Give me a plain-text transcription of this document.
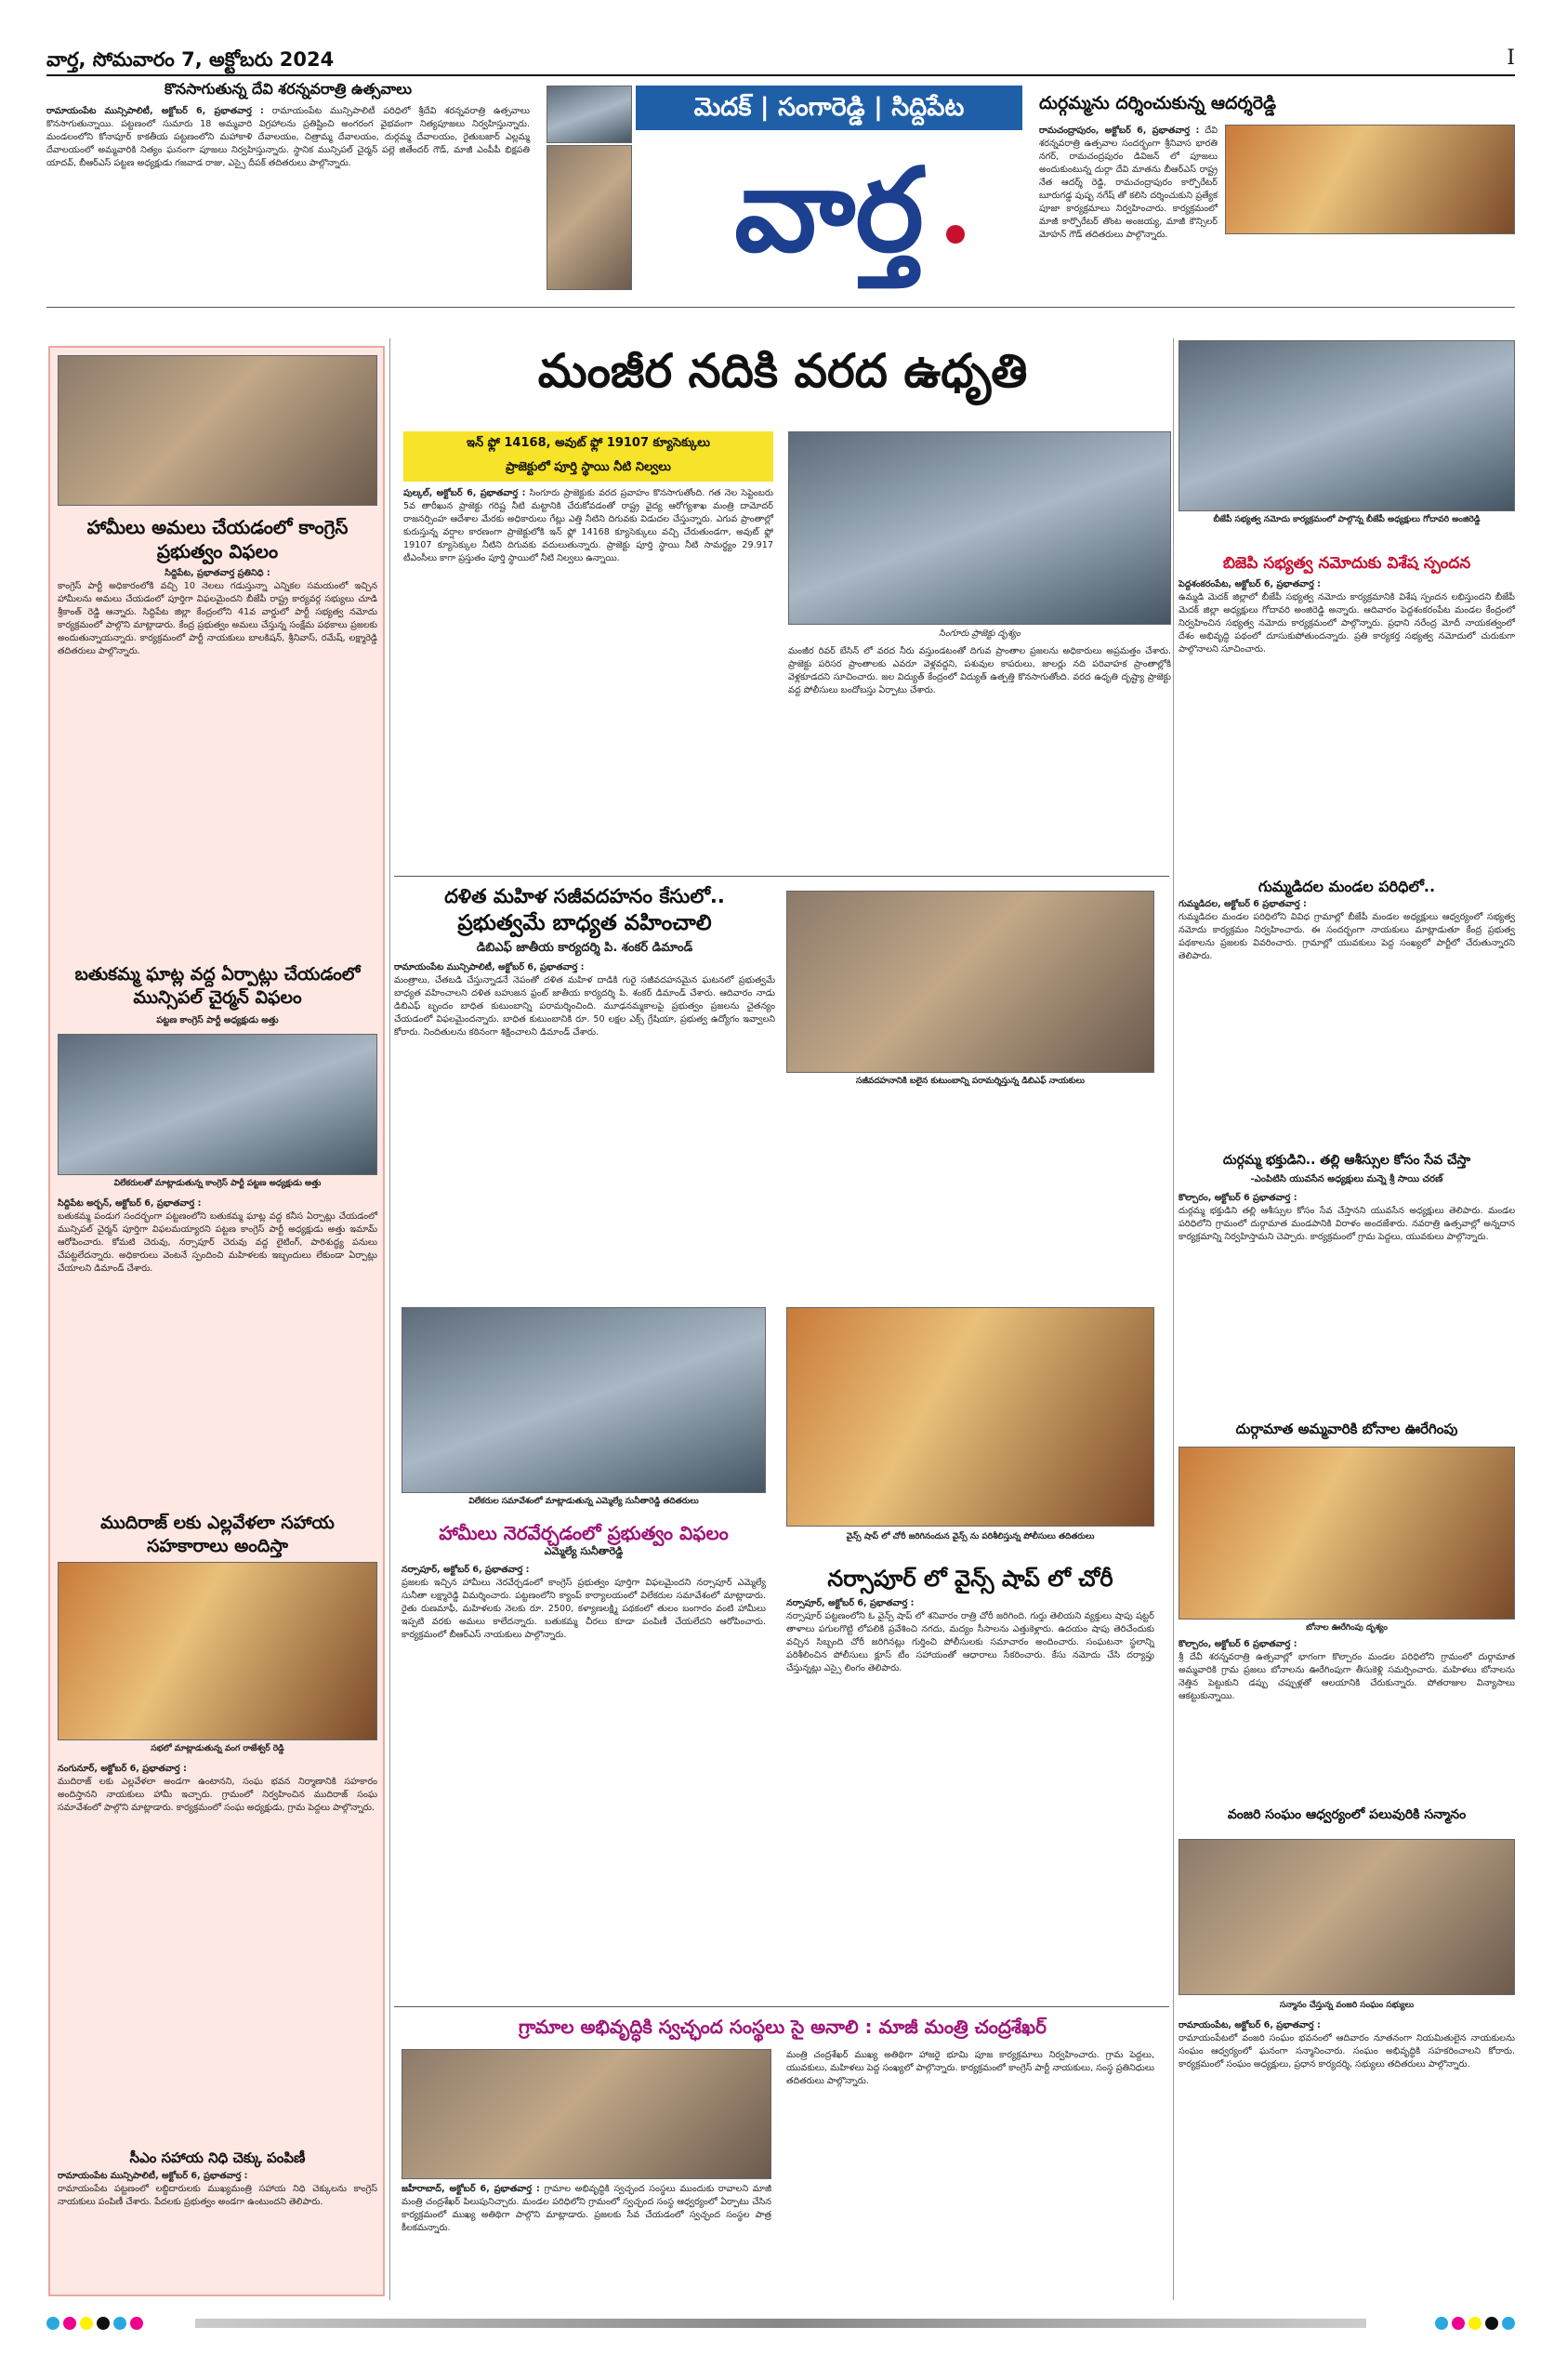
వార్త, సోమవారం 7, అక్టోబరు 2024	I
కొనసాగుతున్న దేవి శరన్నవరాత్రి ఉత్సవాలు
రామాయంపేట మున్సిపాలిటీ, అక్టోబర్ 6, ప్రభాతవార్త : రామాయంపేట మున్సిపాలిటీ పరిధిలో శ్రీదేవి శరన్నవరాత్రి ఉత్సవాలు కొనసాగుతున్నాయి. పట్టణంలో సుమారు 18 అమ్మవారి విగ్రహాలను ప్రతిష్టించి అంగరంగ వైభవంగా నిత్యపూజలు నిర్వహిస్తున్నారు. మండలంలోని కోనాపూర్ కాకతీయ పట్టణంలోని మహాకాళి దేవాలయం, చిత్రామ్మ దేవాలయం, దుర్గమ్మ దేవాలయం, రైతుబజార్ ఎల్లమ్మ దేవాలయంలో అమ్మవారికి నిత్యం ఘనంగా పూజలు నిర్వహిస్తున్నారు. స్థానిక మున్సిపల్ చైర్మన్ పల్లె జితేందర్ గౌడ్, మాజీ ఎంపీపీ భిక్షపతి యాదవ్, బీఆర్ఎస్ పట్టణ అధ్యక్షుడు గజవాడ రాజు, ఎస్సై దీపక్ తదితరులు పాల్గొన్నారు.
మెదక్ | సంగారెడ్డి | సిద్దిపేట
వార్త
దుర్గమ్మను దర్శించుకున్న ఆదర్శరెడ్డి
రామచంద్రాపురం, అక్టోబర్ 6, ప్రభాతవార్త : దేవి శరన్నవరాత్రి ఉత్సవాల సందర్భంగా శ్రీనివాస భారతి నగర్, రామచంద్రపురం డివిజన్ లో పూజలు అందుకుంటున్న దుర్గా దేవి మాతను బీఆర్ఎస్ రాష్ట్ర నేత ఆదర్శ్ రెడ్డి, రామచంద్రాపురం కార్పొరేటర్ బూరుగడ్డ పుష్ప నగేష్ తో కలిసి దర్శించుకుని ప్రత్యేక పూజా కార్యక్రమాలు నిర్వహించారు. కార్యక్రమంలో మాజీ కార్పొరేటర్ తొంట అంజయ్య, మాజీ కౌన్సిలర్ మోహన్ గౌడ్ తదితరులు పాల్గొన్నారు.
హామీలు అమలు చేయడంలో కాంగ్రెస్ ప్రభుత్వం విఫలం
సిద్దిపేట, ప్రభాతవార్త ప్రతినిధి :
కాంగ్రెస్ పార్టీ అధికారంలోకి వచ్చి 10 నెలలు గడుస్తున్నా ఎన్నికల సమయంలో ఇచ్చిన హామీలను అమలు చేయడంలో పూర్తిగా విఫలమైందని బీజేపీ రాష్ట్ర కార్యవర్గ సభ్యులు చూడి శ్రీకాంత్ రెడ్డి ఆన్నారు. సిద్దిపేట జిల్లా కేంద్రంలోని 41వ వార్డులో పార్టీ సభ్యత్వ నమోదు కార్యక్రమంలో పాల్గొని మాట్లాడారు. కేంద్ర ప్రభుత్వం అమలు చేస్తున్న సంక్షేమ పథకాలు ప్రజలకు అందుతున్నాయన్నారు. కార్యక్రమంలో పార్టీ నాయకులు బాలకిషన్, శ్రీనివాస్, రమేష్, లక్ష్మారెడ్డి తదితరులు పాల్గొన్నారు.
బతుకమ్మ ఘాట్ల వద్ద ఏర్పాట్లు చేయడంలో మున్సిపల్ చైర్మన్ విఫలం
పట్టణ కాంగ్రెస్ పార్టీ అధ్యక్షుడు అత్తు
విలేకరులతో మాట్లాడుతున్న కాంగ్రెస్ పార్టీ పట్టణ అధ్యక్షుడు అత్తు
సిద్దిపేట అర్బన్, అక్టోబర్ 6, ప్రభాతవార్త :
బతుకమ్మ పండుగ సందర్భంగా పట్టణంలోని బతుకమ్మ ఘాట్ల వద్ద కనీస ఏర్పాట్లు చేయడంలో మున్సిపల్ చైర్మన్ పూర్తిగా విఫలమయ్యారని పట్టణ కాంగ్రెస్ పార్టీ అధ్యక్షుడు అత్తు ఇమామ్ ఆరోపించారు. కోమటి చెరువు, నర్సాపూర్ చెరువు వద్ద లైటింగ్, పారిశుద్ధ్య పనులు చేపట్టలేదన్నారు. అధికారులు వెంటనే స్పందించి మహిళలకు ఇబ్బందులు లేకుండా ఏర్పాట్లు చేయాలని డిమాండ్ చేశారు.
ముదిరాజ్ లకు ఎల్లవేళలా సహాయ సహకారాలు అందిస్తా
సభలో మాట్లాడుతున్న వంగ రాజేశ్వర్ రెడ్డి
నంగునూర్, అక్టోబర్ 6, ప్రభాతవార్త :
ముదిరాజ్ లకు ఎల్లవేళలా అండగా ఉంటానని, సంఘ భవన నిర్మాణానికి సహకారం అందిస్తానని నాయకులు హామీ ఇచ్చారు. గ్రామంలో నిర్వహించిన ముదిరాజ్ సంఘ సమావేశంలో పాల్గొని మాట్లాడారు. కార్యక్రమంలో సంఘ అధ్యక్షుడు, గ్రామ పెద్దలు పాల్గొన్నారు.
సీఎం సహాయ నిధి చెక్కు పంపిణీ
రామాయంపేట మున్సిపాలిటీ, అక్టోబర్ 6, ప్రభాతవార్త :
రామాయంపేట పట్టణంలో లబ్ధిదారులకు ముఖ్యమంత్రి సహాయ నిధి చెక్కులను కాంగ్రెస్ నాయకులు పంపిణీ చేశారు. పేదలకు ప్రభుత్వం అండగా ఉంటుందని తెలిపారు.
మంజీర నదికి వరద ఉధృతి
ఇన్ ఫ్లో 14168, అవుట్ ఫ్లో 19107 క్యూసెక్కులు
ప్రాజెక్టులో పూర్తి స్థాయి నీటి నిల్వలు
పుల్కల్, అక్టోబర్ 6, ప్రభాతవార్త : సింగూరు ప్రాజెక్టుకు వరద ప్రవాహం కొనసాగుతోంది. గత నెల సెప్టెంబరు 5వ తారీఖున ప్రాజెక్టు గరిష్ట నీటి మట్టానికి చేరుకోవడంతో రాష్ట్ర వైద్య ఆరోగ్యశాఖ మంత్రి దామోదర్ రాజనర్సింహ ఆదేశాల మేరకు అధికారులు గేట్లు ఎత్తి నీటిని దిగువకు విడుదల చేస్తున్నారు. ఎగువ ప్రాంతాల్లో కురుస్తున్న వర్షాల కారణంగా ప్రాజెక్టులోకి ఇన్ ఫ్లో 14168 క్యూసెక్కులు వచ్చి చేరుతుండగా, అవుట్ ఫ్లో 19107 క్యూసెక్కుల నీటిని దిగువకు వదులుతున్నారు. ప్రాజెక్టు పూర్తి స్థాయి నీటి సామర్థ్యం 29.917 టీఎంసీలు కాగా ప్రస్తుతం పూర్తి స్థాయిలో నీటి నిల్వలు ఉన్నాయి.
సింగూరు ప్రాజెక్టు దృశ్యం
మంజీర రివర్ బేసిన్ లో వరద నీరు వస్తుండటంతో దిగువ ప్రాంతాల ప్రజలను అధికారులు అప్రమత్తం చేశారు. ప్రాజెక్టు పరిసర ప్రాంతాలకు ఎవరూ వెళ్లవద్దని, పశువుల కాపరులు, జాలర్లు నది పరివాహక ప్రాంతాల్లోకి వెళ్లకూడదని సూచించారు. జల విద్యుత్ కేంద్రంలో విద్యుత్ ఉత్పత్తి కొనసాగుతోంది. వరద ఉధృతి దృష్ట్యా ప్రాజెక్టు వద్ద పోలీసులు బందోబస్తు ఏర్పాటు చేశారు.
దళిత మహిళ సజీవదహనం కేసులో..
ప్రభుత్వమే బాధ్యత వహించాలి
డిబిఎఫ్ జాతీయ కార్యదర్శి పి. శంకర్ డిమాండ్
రామాయంపేట మున్సిపాలిటీ, అక్టోబర్ 6, ప్రభాతవార్త :
మంత్రాలు, చేతబడి చేస్తున్నాడనే నెపంతో దళిత మహిళ దాడికి గురై సజీవదహనమైన ఘటనలో ప్రభుత్వమే బాధ్యత వహించాలని దళిత బహుజన ఫ్రంట్ జాతీయ కార్యదర్శి పి. శంకర్ డిమాండ్ చేశారు. ఆదివారం నాడు డిబిఎఫ్ బృందం బాధిత కుటుంబాన్ని పరామర్శించింది. మూఢనమ్మకాలపై ప్రభుత్వం ప్రజలను చైతన్యం చేయడంలో విఫలమైందన్నారు. బాధిత కుటుంబానికి రూ. 50 లక్షల ఎక్స్ గ్రేషియా, ప్రభుత్వ ఉద్యోగం ఇవ్వాలని కోరారు. నిందితులను కఠినంగా శిక్షించాలని డిమాండ్ చేశారు.
సజీవదహనానికి బలైన కుటుంబాన్ని పరామర్శిస్తున్న డిబిఎఫ్ నాయకులు
విలేకరుల సమావేశంలో మాట్లాడుతున్న ఎమ్మెల్యే సునీతారెడ్డి తదితరులు
హామీలు నెరవేర్చడంలో ప్రభుత్వం విఫలం
ఎమ్మెల్యే సునీతారెడ్డి
నర్సాపూర్, అక్టోబర్ 6, ప్రభాతవార్త :
ప్రజలకు ఇచ్చిన హామీలు నెరవేర్చడంలో కాంగ్రెస్ ప్రభుత్వం పూర్తిగా విఫలమైందని నర్సాపూర్ ఎమ్మెల్యే సునీతా లక్ష్మారెడ్డి విమర్శించారు. పట్టణంలోని క్యాంప్ కార్యాలయంలో విలేకరుల సమావేశంలో మాట్లాడారు. రైతు రుణమాఫీ, మహిళలకు నెలకు రూ. 2500, కళ్యాణలక్ష్మి పథకంలో తులం బంగారం వంటి హామీలు ఇప్పటి వరకు అమలు కాలేదన్నారు. బతుకమ్మ చీరలు కూడా పంపిణీ చేయలేదని ఆరోపించారు. కార్యక్రమంలో బీఆర్ఎస్ నాయకులు పాల్గొన్నారు.
వైన్స్ షాప్ లో చోరీ జరిగినందున వైన్స్ ను పరిశీలిస్తున్న పోలీసులు తదితరులు
నర్సాపూర్ లో వైన్స్ షాప్ లో చోరీ
నర్సాపూర్, అక్టోబర్ 6, ప్రభాతవార్త :
నర్సాపూర్ పట్టణంలోని ఓ వైన్స్ షాప్ లో శనివారం రాత్రి చోరీ జరిగింది. గుర్తు తెలియని వ్యక్తులు షాపు షట్టర్ తాళాలు పగులగొట్టి లోపలికి ప్రవేశించి నగదు, మద్యం సీసాలను ఎత్తుకెళ్లారు. ఉదయం షాపు తెరిచేందుకు వచ్చిన సిబ్బంది చోరీ జరిగినట్లు గుర్తించి పోలీసులకు సమాచారం అందించారు. సంఘటనా స్థలాన్ని పరిశీలించిన పోలీసులు క్లూస్ టీం సహాయంతో ఆధారాలు సేకరించారు. కేసు నమోదు చేసి దర్యాప్తు చేస్తున్నట్లు ఎస్సై లింగం తెలిపారు.
గ్రామాల అభివృద్ధికి స్వచ్ఛంద సంస్థలు సై అనాలి : మాజీ మంత్రి చంద్రశేఖర్
జహీరాబాద్, అక్టోబర్ 6, ప్రభాతవార్త : గ్రామాల అభివృద్ధికి స్వచ్ఛంద సంస్థలు ముందుకు రావాలని మాజీ మంత్రి చంద్రశేఖర్ పిలుపునిచ్చారు. మండల పరిధిలోని గ్రామంలో స్వచ్ఛంద సంస్థ ఆధ్వర్యంలో ఏర్పాటు చేసిన కార్యక్రమంలో ముఖ్య అతిథిగా పాల్గొని మాట్లాడారు. ప్రజలకు సేవ చేయడంలో స్వచ్ఛంద సంస్థల పాత్ర కీలకమన్నారు.
మంత్రి చంద్రశేఖర్ ముఖ్య అతిథిగా హాజరై భూమి పూజ కార్యక్రమాలు నిర్వహించారు. గ్రామ పెద్దలు, యువకులు, మహిళలు పెద్ద సంఖ్యలో పాల్గొన్నారు. కార్యక్రమంలో కాంగ్రెస్ పార్టీ నాయకులు, సంస్థ ప్రతినిధులు తదితరులు పాల్గొన్నారు.
బీజేపీ సభ్యత్వ నమోదు కార్యక్రమంలో పాల్గొన్న బీజేపీ అధ్యక్షులు గోదావరి అంజిరెడ్డి
బిజెపి సభ్యత్వ నమోదుకు విశేష స్పందన
పెద్దశంకరంపేట, అక్టోబర్ 6, ప్రభాతవార్త :
ఉమ్మడి మెదక్ జిల్లాలో బీజేపీ సభ్యత్వ నమోదు కార్యక్రమానికి విశేష స్పందన లభిస్తుందని బీజేపీ మెదక్ జిల్లా అధ్యక్షులు గోదావరి అంజిరెడ్డి అన్నారు. ఆదివారం పెద్దశంకరంపేట మండల కేంద్రంలో నిర్వహించిన సభ్యత్వ నమోదు కార్యక్రమంలో పాల్గొన్నారు. ప్రధాని నరేంద్ర మోదీ నాయకత్వంలో దేశం అభివృద్ధి పథంలో దూసుకుపోతుందన్నారు. ప్రతి కార్యకర్త సభ్యత్వ నమోదులో చురుకుగా పాల్గొనాలని సూచించారు.
గుమ్మడిదల మండల పరిధిలో..
గుమ్మడిదల, అక్టోబర్ 6 ప్రభాతవార్త :
గుమ్మడిదల మండల పరిధిలోని వివిధ గ్రామాల్లో బీజేపీ మండల అధ్యక్షులు ఆధ్వర్యంలో సభ్యత్వ నమోదు కార్యక్రమం నిర్వహించారు. ఈ సందర్భంగా నాయకులు మాట్లాడుతూ కేంద్ర ప్రభుత్వ పథకాలను ప్రజలకు వివరించారు. గ్రామాల్లో యువకులు పెద్ద సంఖ్యలో పార్టీలో చేరుతున్నారని తెలిపారు.
దుర్గమ్మ భక్తుడిని.. తల్లి ఆశీస్సుల కోసం సేవ చేస్తా
-ఎంపిటిసి యువసేన అధ్యక్షులు మన్నె శ్రీ సాయి చరణ్
కొల్చారం, అక్టోబర్ 6 ప్రభాతవార్త :
దుర్గమ్మ భక్తుడిని తల్లి ఆశీస్సుల కోసం సేవ చేస్తానని యువసేన అధ్యక్షులు తెలిపారు. మండల పరిధిలోని గ్రామంలో దుర్గామాత మండపానికి విరాళం అందజేశారు. నవరాత్రి ఉత్సవాల్లో అన్నదాన కార్యక్రమాన్ని నిర్వహిస్తామని చెప్పారు. కార్యక్రమంలో గ్రామ పెద్దలు, యువకులు పాల్గొన్నారు.
దుర్గామాత అమ్మవారికి బోనాల ఊరేగింపు
బోనాల ఊరేగింపు దృశ్యం
కొల్చారం, అక్టోబర్ 6 ప్రభాతవార్త :
శ్రీ దేవీ శరన్నవరాత్రి ఉత్సవాల్లో భాగంగా కొల్చారం మండల పరిధిలోని గ్రామంలో దుర్గామాత అమ్మవారికి గ్రామ ప్రజలు బోనాలను ఊరేగింపుగా తీసుకెళ్లి సమర్పించారు. మహిళలు బోనాలను నెత్తిన పెట్టుకుని డప్పు చప్పుళ్లతో ఆలయానికి చేరుకున్నారు. పోతరాజుల విన్యాసాలు ఆకట్టుకున్నాయి.
వంజరి సంఘం ఆధ్వర్యంలో పలువురికి సన్మానం
సన్మానం చేస్తున్న వంజరి సంఘం సభ్యులు
రామాయంపేట, అక్టోబర్ 6, ప్రభాతవార్త :
రామాయంపేటలో వంజరి సంఘం భవనంలో ఆదివారం నూతనంగా నియమితులైన నాయకులను సంఘం ఆధ్వర్యంలో ఘనంగా సన్మానించారు. సంఘం అభివృద్ధికి సహకరించాలని కోరారు. కార్యక్రమంలో సంఘం అధ్యక్షులు, ప్రధాన కార్యదర్శి, సభ్యులు తదితరులు పాల్గొన్నారు.
